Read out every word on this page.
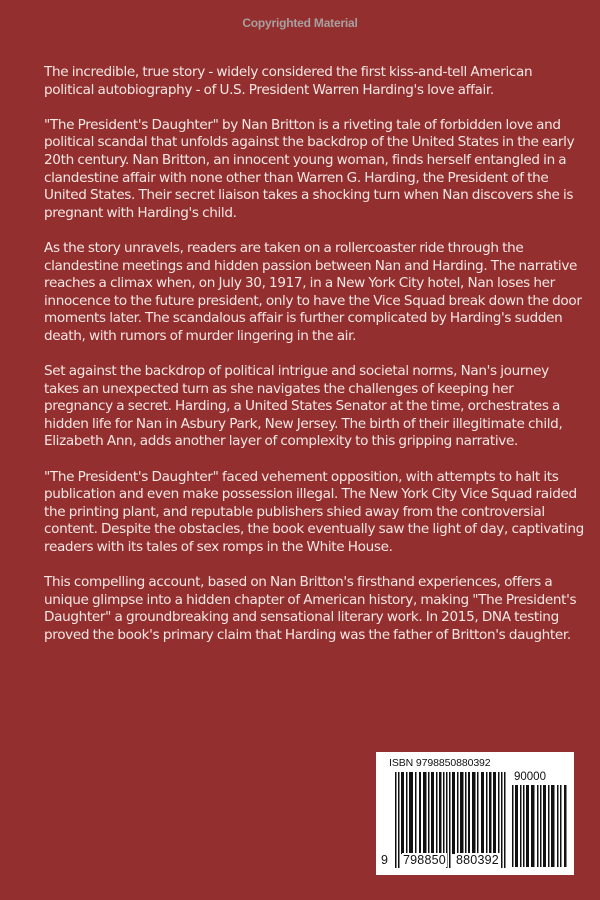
Copyrighted Material

The incredible, true story - widely considered the first kiss-and-tell American political autobiography - of U.S. President Warren Harding's love affair.

"The President's Daughter" by Nan Britton is a riveting tale of forbidden love and political scandal that unfolds against the backdrop of the United States in the early 20th century. Nan Britton, an innocent young woman, finds herself entangled in a clandestine affair with none other than Warren G. Harding, the President of the United States. Their secret liaison takes a shocking turn when Nan discovers she is pregnant with Harding's child.

As the story unravels, readers are taken on a rollercoaster ride through the clandestine meetings and hidden passion between Nan and Harding. The narrative reaches a climax when, on July 30, 1917, in a New York City hotel, Nan loses her innocence to the future president, only to have the Vice Squad break down the door moments later. The scandalous affair is further complicated by Harding's sudden death, with rumors of murder lingering in the air.

Set against the backdrop of political intrigue and societal norms, Nan's journey takes an unexpected turn as she navigates the challenges of keeping her pregnancy a secret. Harding, a United States Senator at the time, orchestrates a hidden life for Nan in Asbury Park, New Jersey. The birth of their illegitimate child, Elizabeth Ann, adds another layer of complexity to this gripping narrative.

"The President's Daughter" faced vehement opposition, with attempts to halt its publication and even make possession illegal. The New York City Vice Squad raided the printing plant, and reputable publishers shied away from the controversial content. Despite the obstacles, the book eventually saw the light of day, captivating readers with its tales of sex romps in the White House.

This compelling account, based on Nan Britton's firsthand experiences, offers a unique glimpse into a hidden chapter of American history, making "The President's Daughter" a groundbreaking and sensational literary work. In 2015, DNA testing proved the book's primary claim that Harding was the father of Britton's daughter.

ISBN 9798850880392
90000
9 798850 880392
